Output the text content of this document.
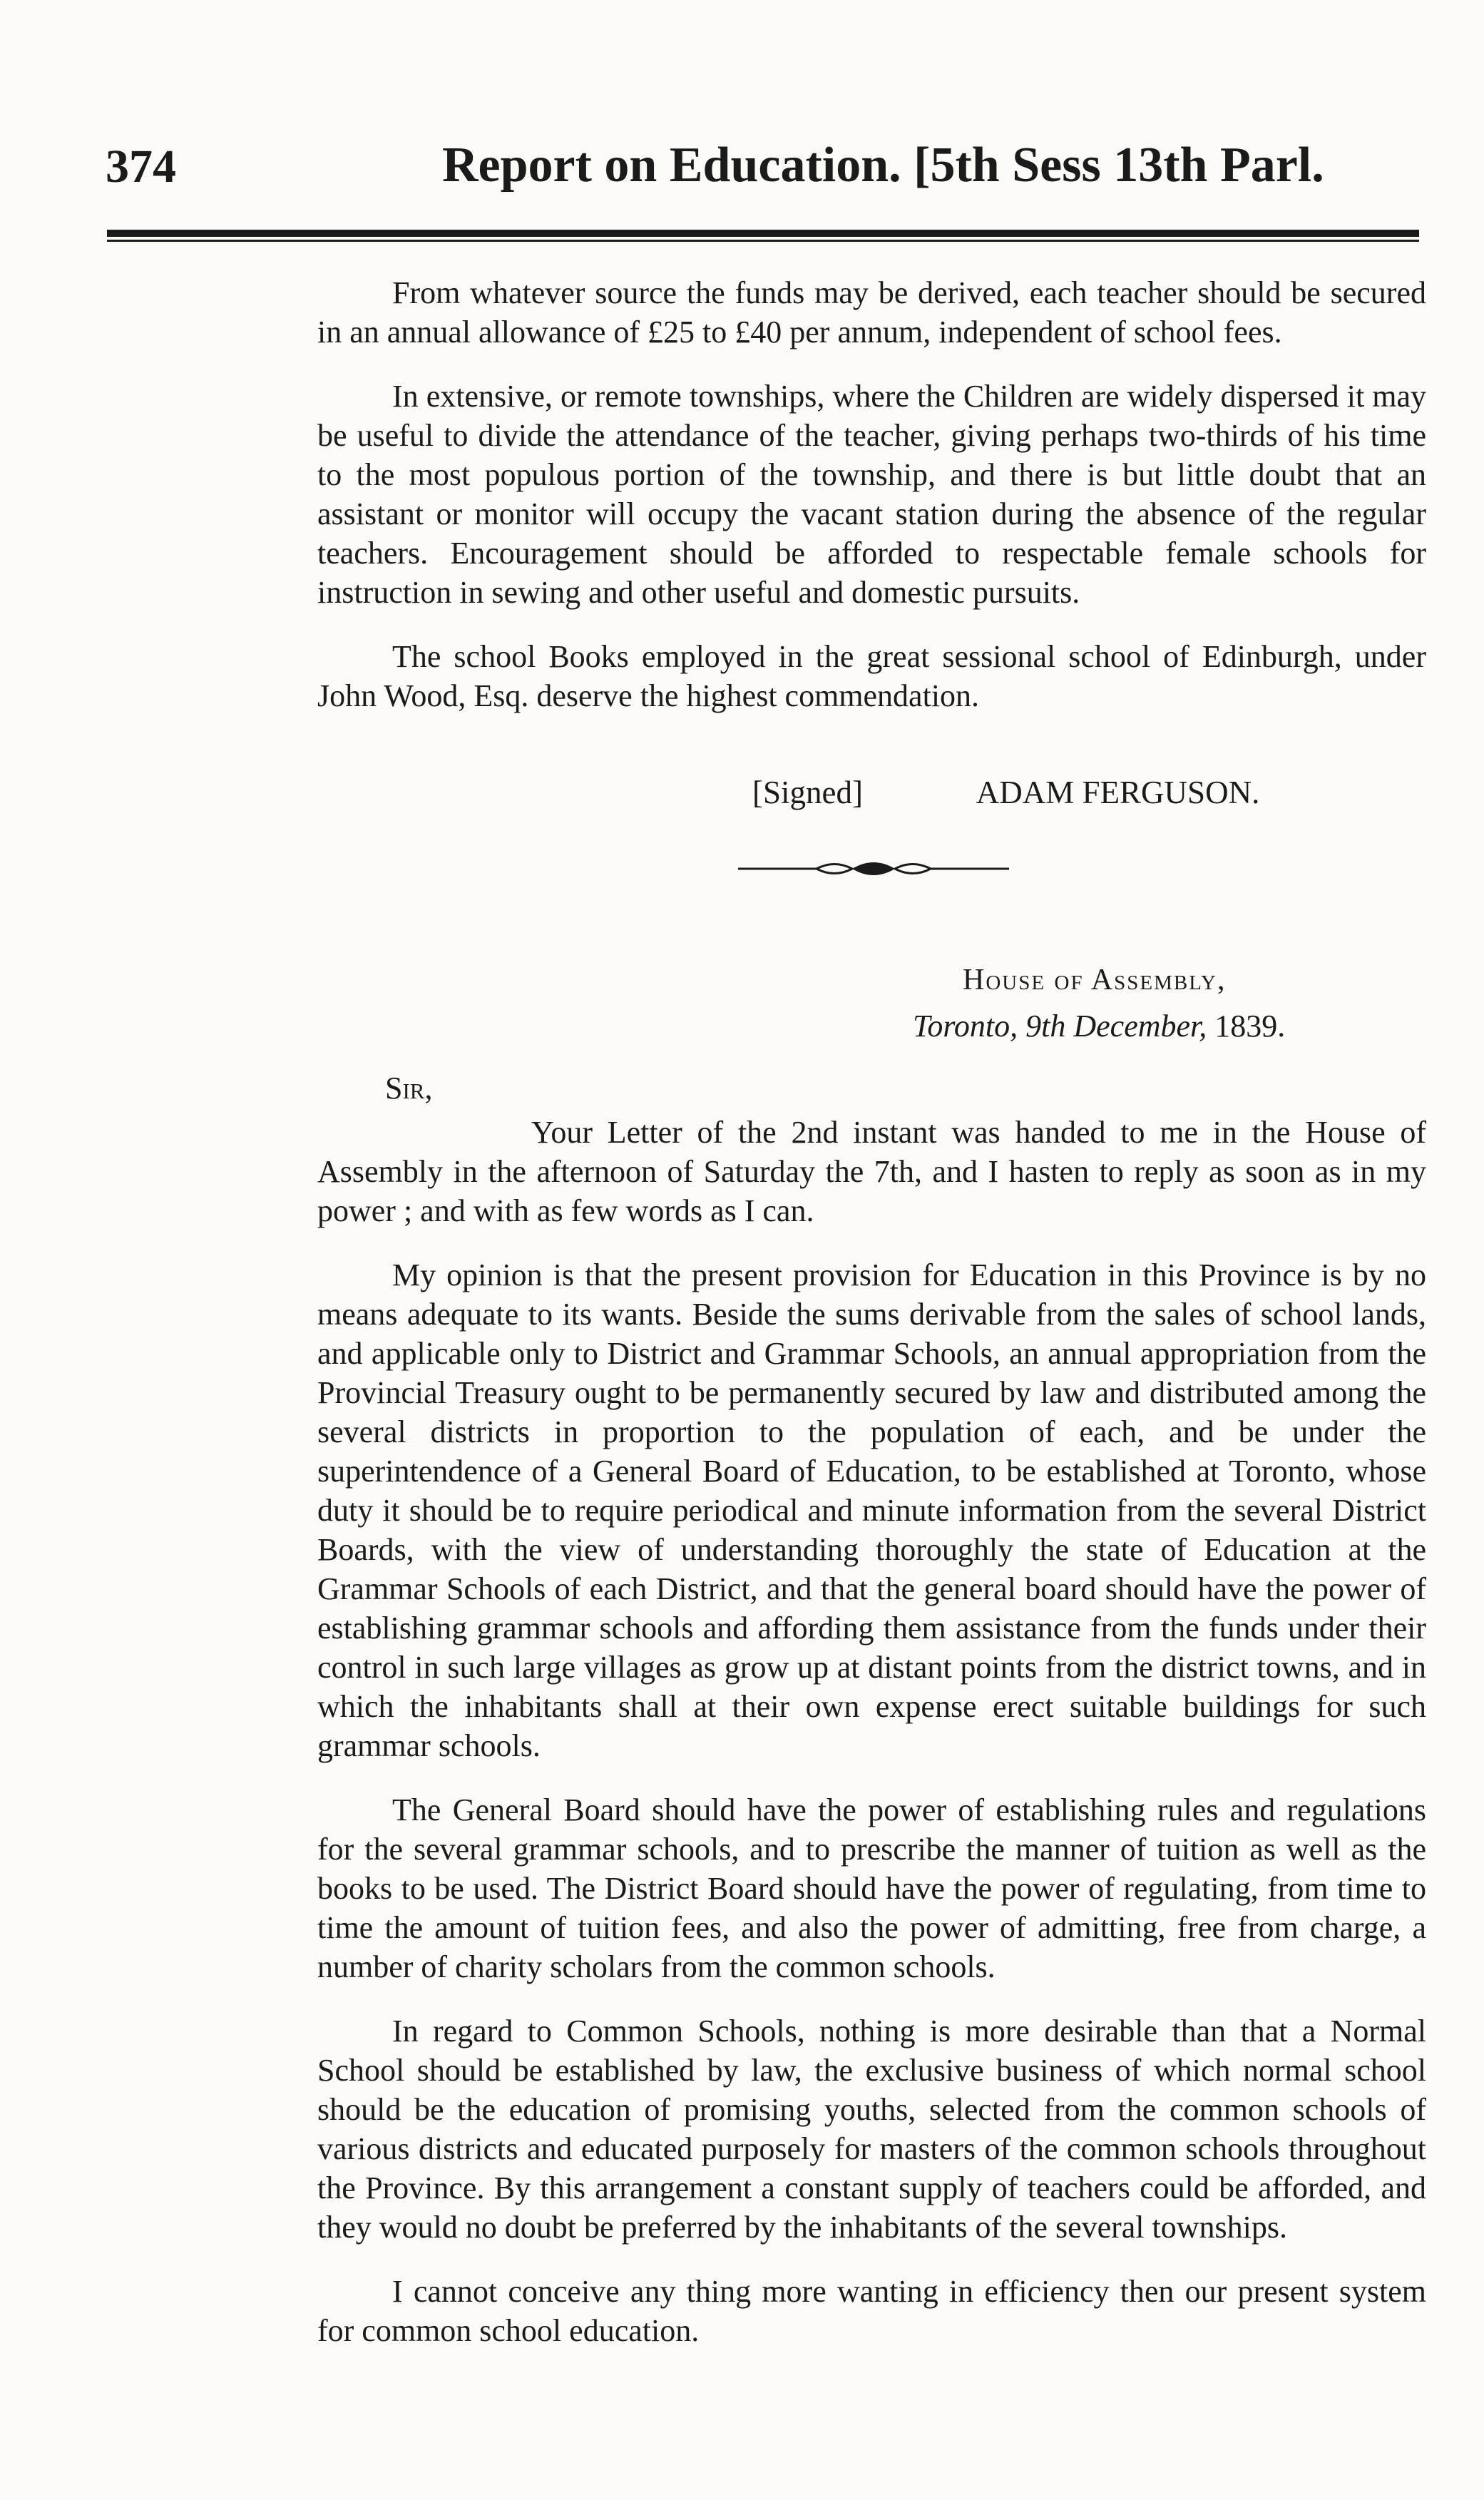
374	Report on Education. [5th Sess 13th Parl.

From whatever source the funds may be derived, each teacher should be secured in an annual allowance of £25 to £40 per annum, independent of school fees.

In extensive, or remote townships, where the Children are widely dispersed it may be useful to divide the attendance of the teacher, giving perhaps two-thirds of his time to the most populous portion of the township, and there is but little doubt that an assistant or monitor will occupy the vacant station during the absence of the regular teachers. Encouragement should be afforded to respectable female schools for instruction in sewing and other useful and domestic pursuits.

The school Books employed in the great sessional school of Edinburgh, under John Wood, Esq. deserve the highest commendation.

[Signed]	ADAM FERGUSON.
House of Assembly,
Toronto, 9th December, 1839.
Sir,

Your Letter of the 2nd instant was handed to me in the House of Assembly in the afternoon of Saturday the 7th, and I hasten to reply as soon as in my power ; and with as few words as I can.

My opinion is that the present provision for Education in this Province is by no means adequate to its wants. Beside the sums derivable from the sales of school lands, and applicable only to District and Grammar Schools, an annual appropriation from the Provincial Treasury ought to be permanently secured by law and distributed among the several districts in proportion to the population of each, and be under the superintendence of a General Board of Education, to be established at Toronto, whose duty it should be to require periodical and minute information from the several District Boards, with the view of understanding thoroughly the state of Education at the Grammar Schools of each District, and that the general board should have the power of establishing grammar schools and affording them assistance from the funds under their control in such large villages as grow up at distant points from the district towns, and in which the inhabitants shall at their own expense erect suitable buildings for such grammar schools.

The General Board should have the power of establishing rules and regulations for the several grammar schools, and to prescribe the manner of tuition as well as the books to be used. The District Board should have the power of regulating, from time to time the amount of tuition fees, and also the power of admitting, free from charge, a number of charity scholars from the common schools.

In regard to Common Schools, nothing is more desirable than that a Normal School should be established by law, the exclusive business of which normal school should be the education of promising youths, selected from the common schools of various districts and educated purposely for masters of the common schools throughout the Province. By this arrangement a constant supply of teachers could be afforded, and they would no doubt be preferred by the inhabitants of the several townships.

I cannot conceive any thing more wanting in efficiency then our present system for common school education.
